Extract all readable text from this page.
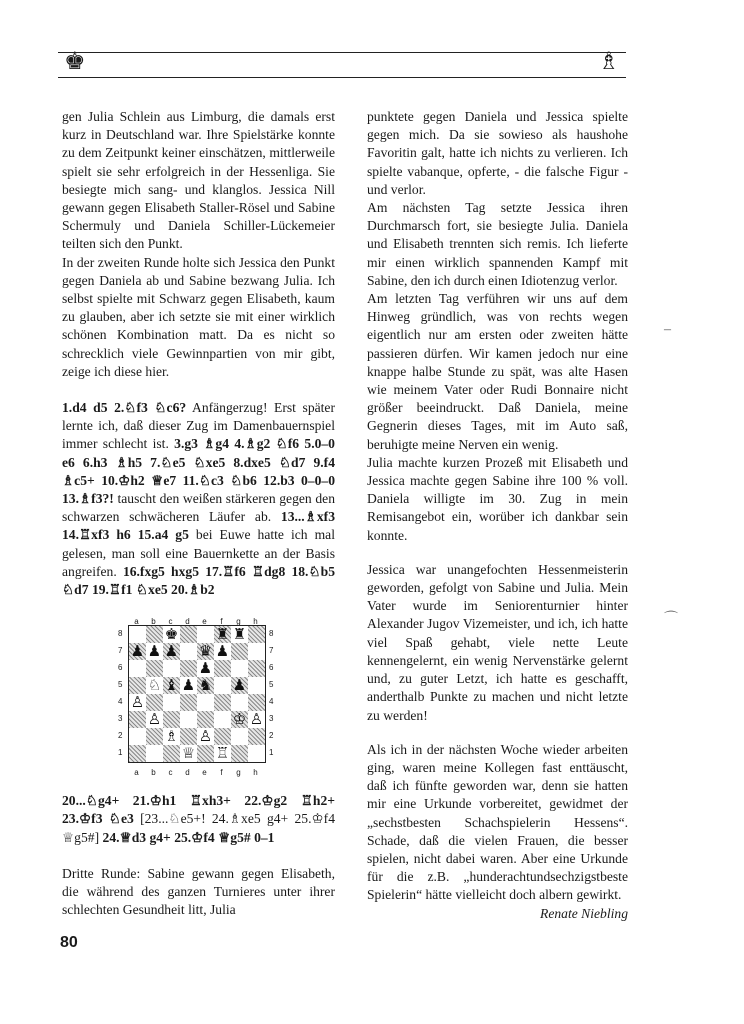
♚	♗

gen Julia Schlein aus Limburg, die damals erst kurz in Deutschland war. Ihre Spielstärke konnte zu dem Zeitpunkt keiner einschätzen, mittlerweile spielt sie sehr erfolgreich in der Hessenliga. Sie besiegte mich sang- und klanglos. Jessica Nill gewann gegen Elisabeth Staller-Rösel und Sabine Schermuly und Daniela Schiller-Lückemeier teilten sich den Punkt.

In der zweiten Runde holte sich Jessica den Punkt gegen Daniela ab und Sabine bezwang Julia. Ich selbst spielte mit Schwarz gegen Elisabeth, kaum zu glauben, aber ich setzte sie mit einer wirklich schönen Kombination matt. Da es nicht so schrecklich viele Gewinnpartien von mir gibt, zeige ich diese hier.

1.d4 d5 2.♘f3 ♘c6? Anfängerzug! Erst später lernte ich, daß dieser Zug im Damenbauernspiel immer schlecht ist. 3.g3 ♗g4 4.♗g2 ♘f6 5.0–0 e6 6.h3 ♗h5 7.♘e5 ♘xe5 8.dxe5 ♘d7 9.f4 ♗c5+ 10.♔h2 ♕e7 11.♘c3 ♘b6 12.b3 0–0–0 13.♗f3?! tauscht den weißen stärkeren gegen den schwarzen schwächeren Läufer ab. 13...♗xf3 14.♖xf3 h6 15.a4 g5 bei Euwe hatte ich mal gelesen, man soll eine Bauernkette an der Basis angreifen. 16.fxg5 hxg5 17.♖f6 ♖dg8 18.♘b5 ♘d7 19.♖f1 ♘xe5 20.♗b2

a	b	c	d	e	f	g	h
8
7
6
5
4
3
2
1
♚	♜ ♜
♟ ♟ ♟ ♛ ♟
♟
♘ ♝ ♟ ♞ ♟
♙
♙	♔ ♙
♗ ♙
♕ ♖
8
7
6
5
4
3
2
1
a	b	c	d	e	f	g	h

20...♘g4+ 21.♔h1 ♖xh3+ 22.♔g2 ♖h2+ 23.♔f3 ♘e3 [23...♘e5+! 24.♗xe5 g4+ 25.♔f4 ♕g5#] 24.♕d3 g4+ 25.♔f4 ♕g5# 0–1

Dritte Runde: Sabine gewann gegen Elisabeth, die während des ganzen Turnieres unter ihrer schlechten Gesundheit litt, Julia

80

punktete gegen Daniela und Jessica spielte gegen mich. Da sie sowieso als haushohe Favoritin galt, hatte ich nichts zu verlieren. Ich spielte vabanque, opferte, - die falsche Figur - und verlor.

Am nächsten Tag setzte Jessica ihren Durchmarsch fort, sie besiegte Julia. Daniela und Elisabeth trennten sich remis. Ich lieferte mir einen wirklich spannenden Kampf mit Sabine, den ich durch einen Idiotenzug verlor.

Am letzten Tag verführen wir uns auf dem Hinweg gründlich, was von rechts wegen eigentlich nur am ersten oder zweiten hätte passieren dürfen. Wir kamen jedoch nur eine knappe halbe Stunde zu spät, was alte Hasen wie meinem Vater oder Rudi Bonnaire nicht größer beeindruckt. Daß Daniela, meine Gegnerin dieses Tages, mit im Auto saß, beruhigte meine Nerven ein wenig.

Julia machte kurzen Prozeß mit Elisabeth und Jessica machte gegen Sabine ihre 100 % voll. Daniela willigte im 30. Zug in mein Remisangebot ein, worüber ich dankbar sein konnte.

Jessica war unangefochten Hessenmeisterin geworden, gefolgt von Sabine und Julia. Mein Vater wurde im Seniorenturnier hinter Alexander Jugov Vizemeister, und ich, ich hatte viel Spaß gehabt, viele nette Leute kennengelernt, ein wenig Nervenstärke gelernt und, zu guter Letzt, ich hatte es geschafft, anderthalb Punkte zu machen und nicht letzte zu werden!

Als ich in der nächsten Woche wieder arbeiten ging, waren meine Kollegen fast enttäuscht, daß ich fünfte geworden war, denn sie hatten mir eine Urkunde vorbereitet, gewidmet der „sechstbesten Schachspielerin Hessens“. Schade, daß die vielen Frauen, die besser spielen, nicht dabei waren. Aber eine Urkunde für die z.B. „hunderachtundsechzigstbeste Spielerin“ hätte vielleicht doch albern gewirkt.

Renate Niebling

–
⌒
